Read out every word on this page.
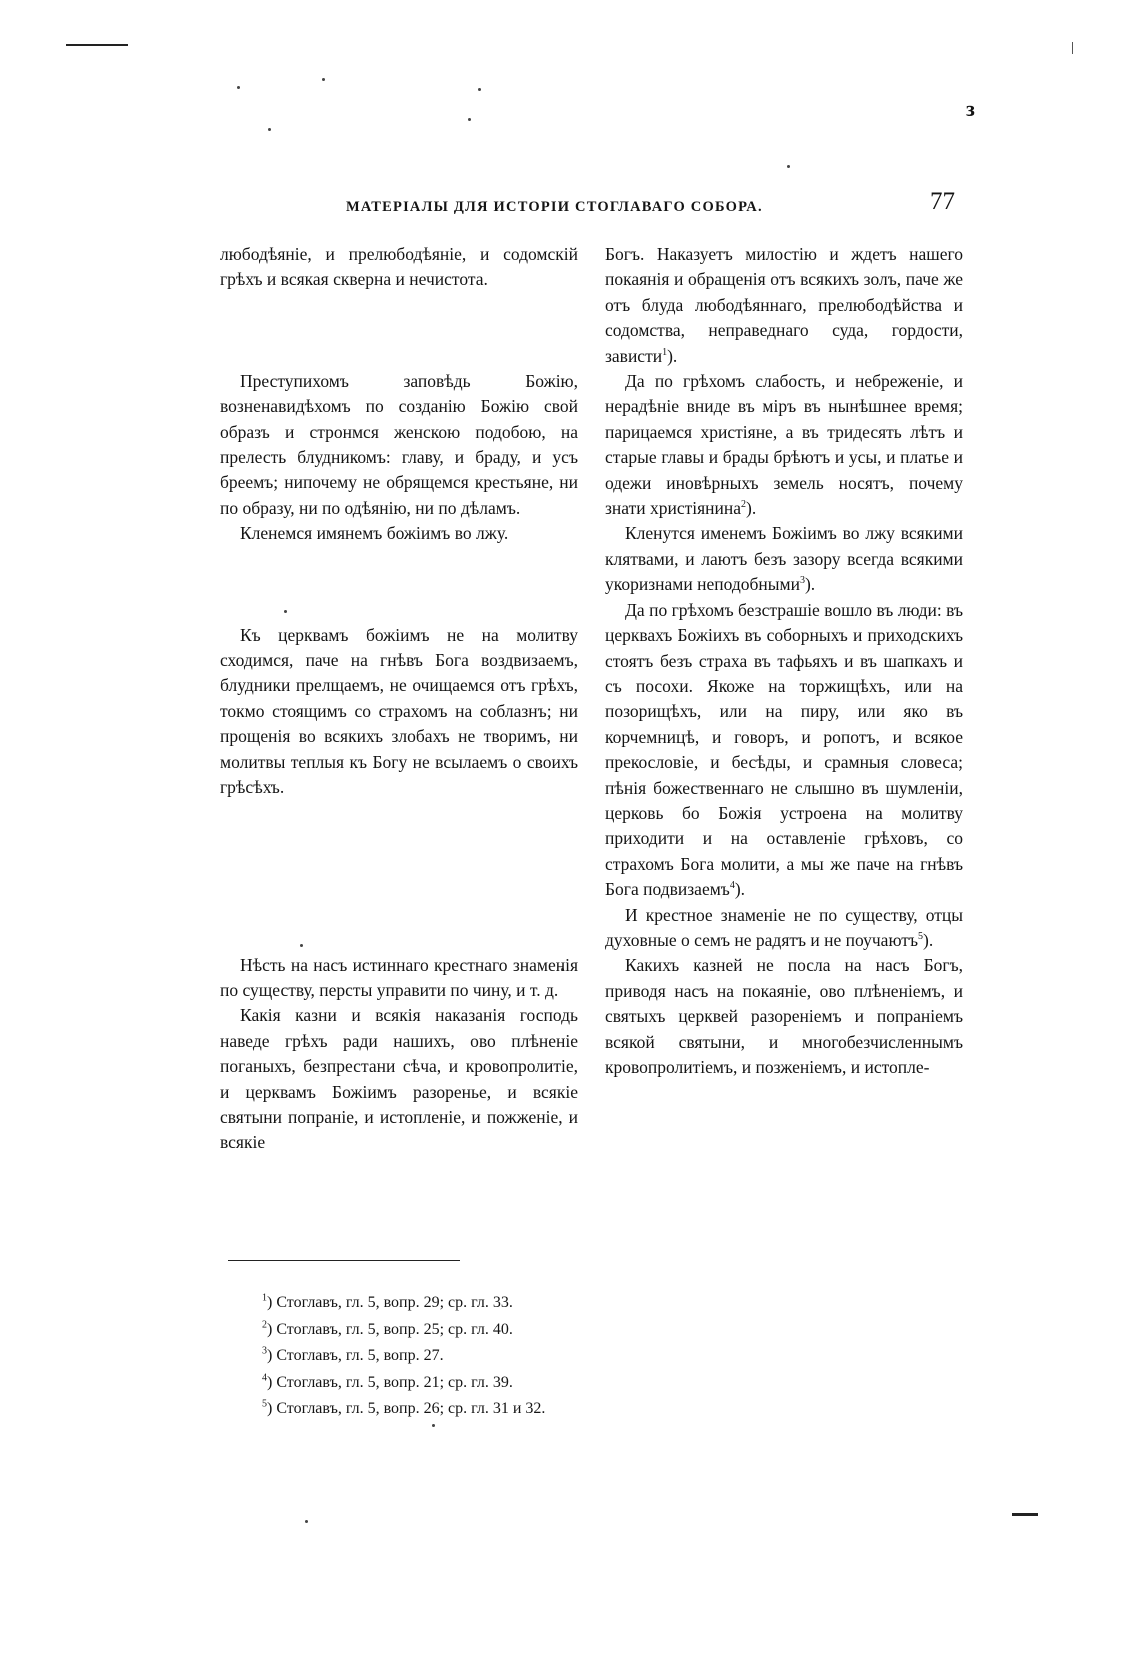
з
МАТЕРІАЛЫ ДЛЯ ИСТОРІИ СТОГЛАВАГО СОБОРА.	77

любодѣяніе, и прелюбодѣяніе, и содомскій грѣхъ и всякая скверна и нечистота.

Преступихомъ заповѣдь Божію, возненавидѣхомъ по созданію Божію свой образъ и стронмся женскою подобою, на прелесть блудникомъ: главу, и браду, и усъ бреемъ; нипочему не обрящемся крестьяне, ни по образу, ни по одѣянію, ни по дѣламъ.

Кленемся имянемъ божіимъ во лжу.

Къ церквамъ божіимъ не на молитву сходимся, паче на гнѣвъ Бога воздвизаемъ, блудники прелщаемъ, не очищаемся отъ грѣхъ, токмо стоящимъ со страхомъ на соблазнъ; ни прощенія во всякихъ злобахъ не творимъ, ни молитвы теплыя къ Богу не всылаемъ о своихъ грѣсѣхъ.

Нѣсть на насъ истиннаго крестнаго знаменія по существу, персты управити по чину, и т. д.

Какія казни и всякія наказанія господь наведе грѣхъ ради нашихъ, ово плѣненіе поганыхъ, безпрестани сѣча, и кровопролитіе, и церквамъ Божіимъ разоренье, и всякіе святыни попраніе, и истопленіе, и пожженіе, и всякіе

Богъ. Наказуетъ милостію и ждетъ нашего покаянія и обращенія отъ всякихъ золъ, паче же отъ блуда любодѣяннаго, прелюбодѣйства и содомства, неправеднаго суда, гордости, зависти$^1$).

Да по грѣхомъ слабость, и небреженіе, и нерадѣніе вниде въ міръ въ нынѣшнее время; парицаемся христіяне, а въ тридесять лѣтъ и старые главы и брады брѣютъ и усы, и платье и одежи иновѣрныхъ земель носятъ, почему знати христіянина$^2$).

Кленутся именемъ Божіимъ во лжу всякими клятвами, и лаютъ безъ зазору всегда всякими укоризнами неподобными$^3$).

Да по грѣхомъ безстрашіе вошло въ люди: въ церквахъ Божіихъ въ соборныхъ и приходскихъ стоятъ безъ страха въ тафьяхъ и въ шапкахъ и съ посохи. Якоже на торжищѣхъ, или на позорищѣхъ, или на пиру, или яко въ корчемницѣ, и говоръ, и ропотъ, и всякое прекословіе, и бесѣды, и срамныя словеса; пѣнія божественнаго не слышно въ шумленіи, церковь бо Божія устроена на молитву приходити и на оставленіе грѣховъ, со страхомъ Бога молити, а мы же паче на гнѣвъ Бога подвизаемъ$^4$).

И крестное знаменіе не по существу, отцы духовные о семъ не радятъ и не поучаютъ$^5$).

Какихъ казней не посла на насъ Богъ, приводя насъ на покаяніе, ово плѣненіемъ, и святыхъ церквей разореніемъ и попраніемъ всякой святыни, и многобезчисленнымъ кровопролитіемъ, и позженіемъ, и истопле-

$^1$) Стоглавъ, гл. 5, вопр. 29; ср. гл. 33.

$^2$) Стоглавъ, гл. 5, вопр. 25; ср. гл. 40.

$^3$) Стоглавъ, гл. 5, вопр. 27.

$^4$) Стоглавъ, гл. 5, вопр. 21; ср. гл. 39.

$^5$) Стоглавъ, гл. 5, вопр. 26; ср. гл. 31 и 32.
